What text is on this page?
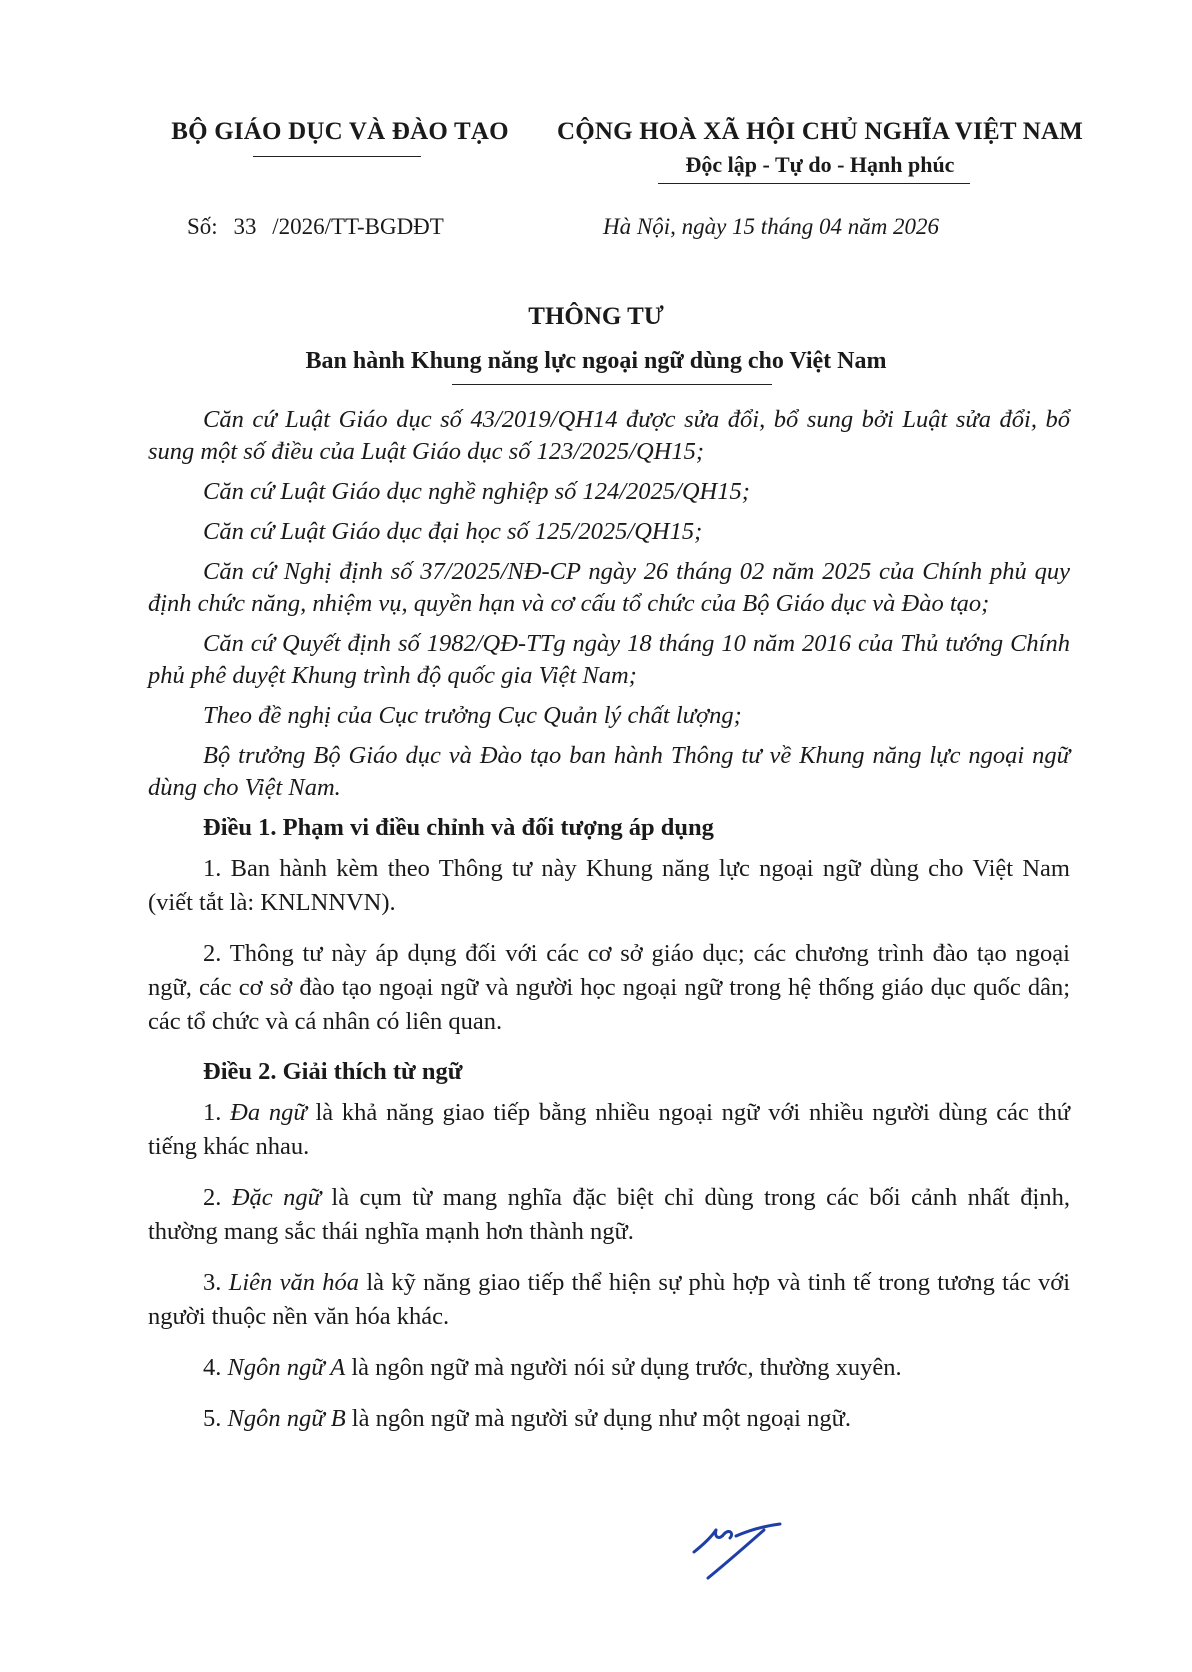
BỘ GIÁO DỤC VÀ ĐÀO TẠO	CỘNG HOÀ XÃ HỘI CHỦ NGHĨA VIỆT NAM
Độc lập - Tự do - Hạnh phúc
Số: 33 /2026/TT-BGDĐT	Hà Nội, ngày 15 tháng 04 năm 2026
THÔNG TƯ
Ban hành Khung năng lực ngoại ngữ dùng cho Việt Nam

Căn cứ Luật Giáo dục số 43/2019/QH14 được sửa đổi, bổ sung bởi Luật sửa đổi, bổ sung một số điều của Luật Giáo dục số 123/2025/QH15;

Căn cứ Luật Giáo dục nghề nghiệp số 124/2025/QH15;

Căn cứ Luật Giáo dục đại học số 125/2025/QH15;

Căn cứ Nghị định số 37/2025/NĐ-CP ngày 26 tháng 02 năm 2025 của Chính phủ quy định chức năng, nhiệm vụ, quyền hạn và cơ cấu tổ chức của Bộ Giáo dục và Đào tạo;

Căn cứ Quyết định số 1982/QĐ-TTg ngày 18 tháng 10 năm 2016 của Thủ tướng Chính phủ phê duyệt Khung trình độ quốc gia Việt Nam;

Theo đề nghị của Cục trưởng Cục Quản lý chất lượng;

Bộ trưởng Bộ Giáo dục và Đào tạo ban hành Thông tư về Khung năng lực ngoại ngữ dùng cho Việt Nam.

Điều 1. Phạm vi điều chỉnh và đối tượng áp dụng

1. Ban hành kèm theo Thông tư này Khung năng lực ngoại ngữ dùng cho Việt Nam (viết tắt là: KNLNNVN).

2. Thông tư này áp dụng đối với các cơ sở giáo dục; các chương trình đào tạo ngoại ngữ, các cơ sở đào tạo ngoại ngữ và người học ngoại ngữ trong hệ thống giáo dục quốc dân; các tổ chức và cá nhân có liên quan.

Điều 2. Giải thích từ ngữ

1. Đa ngữ là khả năng giao tiếp bằng nhiều ngoại ngữ với nhiều người dùng các thứ tiếng khác nhau.

2. Đặc ngữ là cụm từ mang nghĩa đặc biệt chỉ dùng trong các bối cảnh nhất định, thường mang sắc thái nghĩa mạnh hơn thành ngữ.

3. Liên văn hóa là kỹ năng giao tiếp thể hiện sự phù hợp và tinh tế trong tương tác với người thuộc nền văn hóa khác.

4. Ngôn ngữ A là ngôn ngữ mà người nói sử dụng trước, thường xuyên.

5. Ngôn ngữ B là ngôn ngữ mà người sử dụng như một ngoại ngữ.
